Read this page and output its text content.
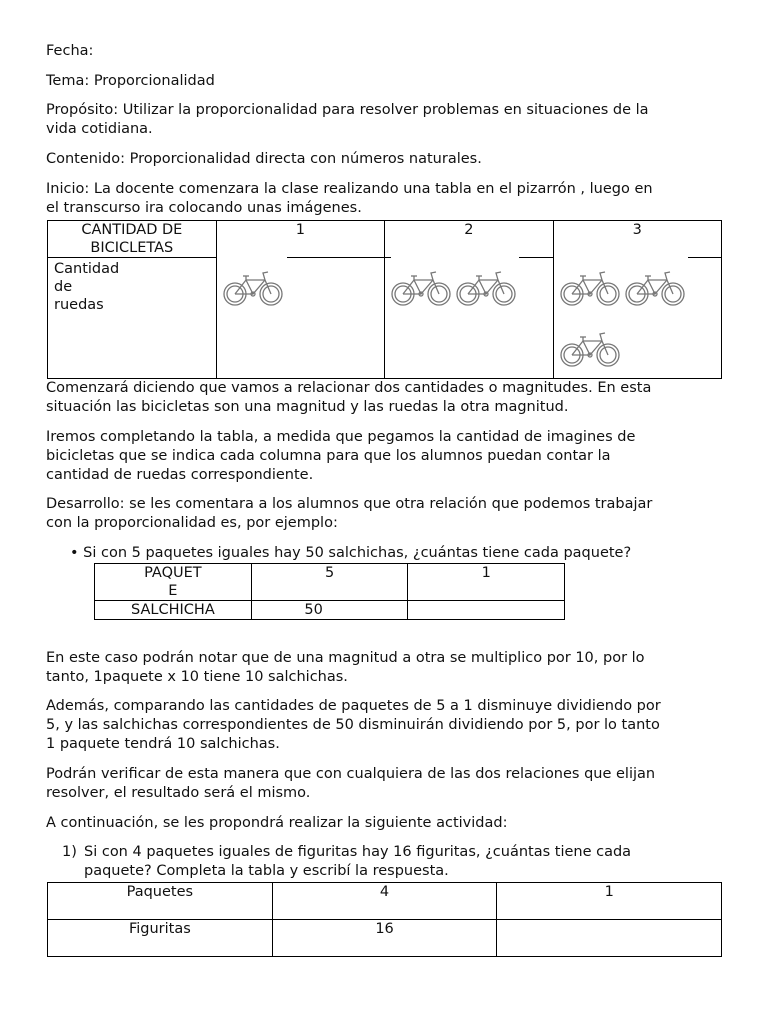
Fecha:
Tema: Proporcionalidad
Propósito: Utilizar la proporcionalidad para resolver problemas en situaciones de la
vida cotidiana.
Contenido: Proporcionalidad directa con números naturales.
Inicio: La docente comenzara la clase realizando una tabla en el pizarrón , luego en
el transcurso ira colocando unas imágenes.
CANTIDAD DE
BICICLETAS	1	2	3

Cantidad
de
ruedas

Comenzará diciendo que vamos a relacionar dos cantidades o magnitudes. En esta
situación las bicicletas son una magnitud y las ruedas la otra magnitud.
Iremos completando la tabla, a medida que pegamos la cantidad de imagines de
bicicletas que se indica cada columna para que los alumnos puedan contar la
cantidad de ruedas correspondiente.
Desarrollo: se les comentara a los alumnos que otra relación que podemos trabajar
con la proporcionalidad es, por ejemplo:
• Si con 5 paquetes iguales hay 50 salchichas, ¿cuántas tiene cada paquete?
PAQUET
E	5	1
SALCHICHA	50	
En este caso podrán notar que de una magnitud a otra se multiplico por 10, por lo
tanto, 1paquete x 10 tiene 10 salchichas.
Además, comparando las cantidades de paquetes de 5 a 1 disminuye dividiendo por
5, y las salchichas correspondientes de 50 disminuirán dividiendo por 5, por lo tanto
1 paquete tendrá 10 salchichas.
Podrán verificar de esta manera que con cualquiera de las dos relaciones que elijan
resolver, el resultado será el mismo.
A continuación, se les propondrá realizar la siguiente actividad:
1) Si con 4 paquetes iguales de figuritas hay 16 figuritas, ¿cuántas tiene cada
paquete? Completa la tabla y escribí la respuesta.
Paquetes	4	1
Figuritas	16	
